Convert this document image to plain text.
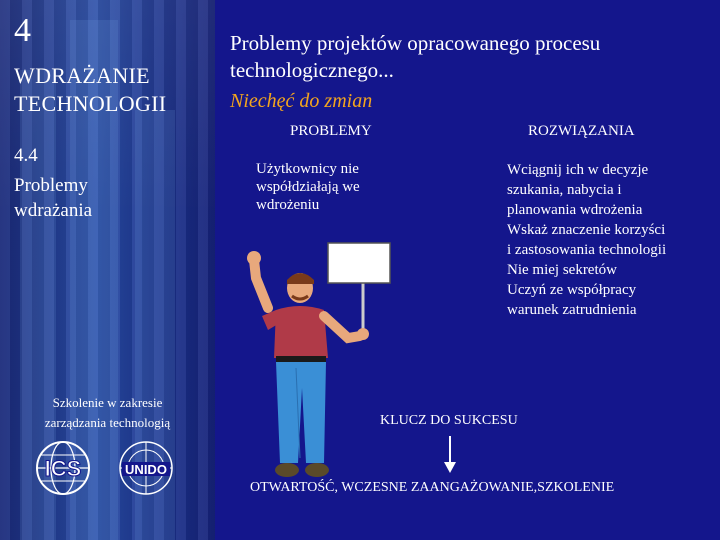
4
WDRAŻANIE
TECHNOLOGII
4.4
Problemy
wdrażania
Szkolenie w zakresie
zarządzania technologią
ICS	UNIDO
Problemy projektów opracowanego procesu
technologicznego...
Niechęć do zmian
PROBLEMY	ROZWIĄZANIA
Użytkownicy nie
współdziałają we
wdrożeniu
Wciągnij ich w decyzje
szukania, nabycia i
planowania wdrożenia
Wskaż znaczenie korzyści
i zastosowania technologii
Nie miej sekretów
Uczyń ze współpracy
warunek zatrudnienia
KLUCZ DO SUKCESU
OTWARTOŚĆ, WCZESNE ZAANGAŻOWANIE,SZKOLENIE
